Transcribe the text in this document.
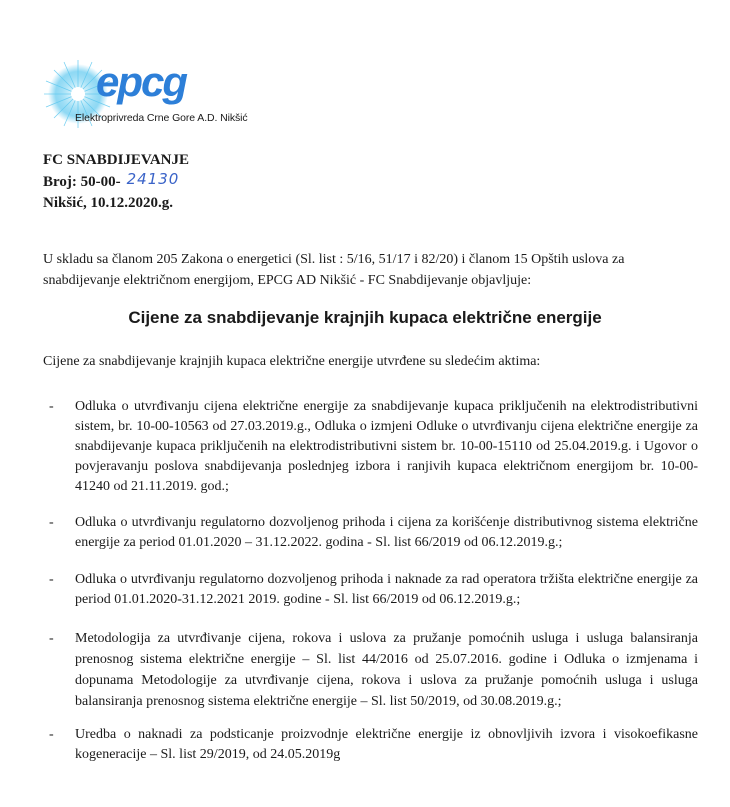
epcg
Elektroprivreda Crne Gore A.D. Nikšić
FC SNABDIJEVANJE
Broj: 50-00- 24130
Nikšić, 10.12.2020.g.
U skladu sa članom 205 Zakona o energetici (Sl. list : 5/16, 51/17 i 82/20) i članom 15 Opštih uslova za snabdijevanje električnom energijom, EPCG AD Nikšić - FC Snabdijevanje objavljuje:
Cijene za snabdijevanje krajnjih kupaca električne energije
Cijene za snabdijevanje krajnjih kupaca električne energije utvrđene su sledećim aktima:
- Odluka o utvrđivanju cijena električne energije za snabdijevanje kupaca priključenih na elektrodistributivni sistem, br. 10-00-10563 od 27.03.2019.g., Odluka o izmjeni Odluke o utvrđivanju cijena električne energije za snabdijevanje kupaca priključenih na elektrodistributivni sistem br. 10-00-15110 od 25.04.2019.g. i Ugovor o povjeravanju poslova snabdijevanja poslednjeg izbora i ranjivih kupaca električnom energijom br. 10-00-41240 od 21.11.2019. god.;
- Odluka o utvrđivanju regulatorno dozvoljenog prihoda i cijena za korišćenje distributivnog sistema električne energije za period 01.01.2020 – 31.12.2022. godina - Sl. list 66/2019 od 06.12.2019.g.;
- Odluka o utvrđivanju regulatorno dozvoljenog prihoda i naknade za rad operatora tržišta električne energije za period 01.01.2020-31.12.2021 2019. godine - Sl. list 66/2019 od 06.12.2019.g.;
- Metodologija za utvrđivanje cijena, rokova i uslova za pružanje pomoćnih usluga i usluga balansiranja prenosnog sistema električne energije – Sl. list 44/2016 od 25.07.2016. godine i Odluka o izmjenama i dopunama Metodologije za utvrđivanje cijena, rokova i uslova za pružanje pomoćnih usluga i usluga balansiranja prenosnog sistema električne energije – Sl. list 50/2019, od 30.08.2019.g.;
- Uredba o naknadi za podsticanje proizvodnje električne energije iz obnovljivih izvora i visokoefikasne kogeneracije – Sl. list 29/2019, od 24.05.2019g
